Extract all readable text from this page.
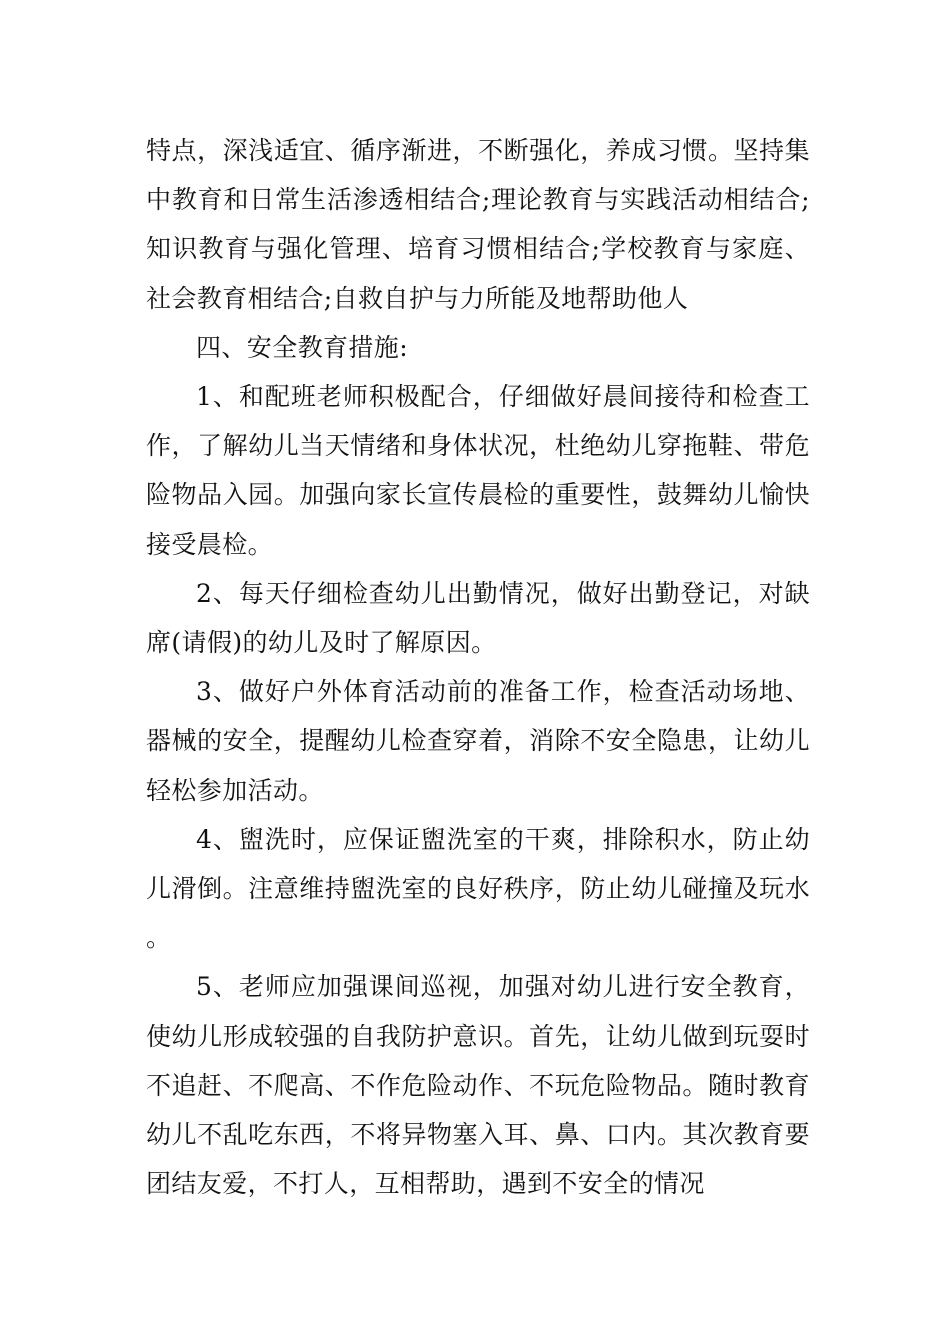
特点，深浅适宜、循序渐进，不断强化，养成习惯。坚持集中教育和日常生活渗透相结合;理论教育与实践活动相结合;知识教育与强化管理、培育习惯相结合;学校教育与家庭、社会教育相结合;自救自护与力所能及地帮助他人

四、安全教育措施:

1、和配班老师积极配合，仔细做好晨间接待和检查工作，了解幼儿当天情绪和身体状况，杜绝幼儿穿拖鞋、带危险物品入园。加强向家长宣传晨检的重要性，鼓舞幼儿愉快接受晨检。

2、每天仔细检查幼儿出勤情况，做好出勤登记，对缺席(请假)的幼儿及时了解原因。

3、做好户外体育活动前的准备工作，检查活动场地、器械的安全，提醒幼儿检查穿着，消除不安全隐患，让幼儿轻松参加活动。

4、盥洗时，应保证盥洗室的干爽，排除积水，防止幼儿滑倒。注意维持盥洗室的良好秩序，防止幼儿碰撞及玩水。

5、老师应加强课间巡视，加强对幼儿进行安全教育，使幼儿形成较强的自我防护意识。首先，让幼儿做到玩耍时不追赶、不爬高、不作危险动作、不玩危险物品。随时教育幼儿不乱吃东西，不将异物塞入耳、鼻、口内。其次教育要团结友爱，不打人，互相帮助，遇到不安全的情况
